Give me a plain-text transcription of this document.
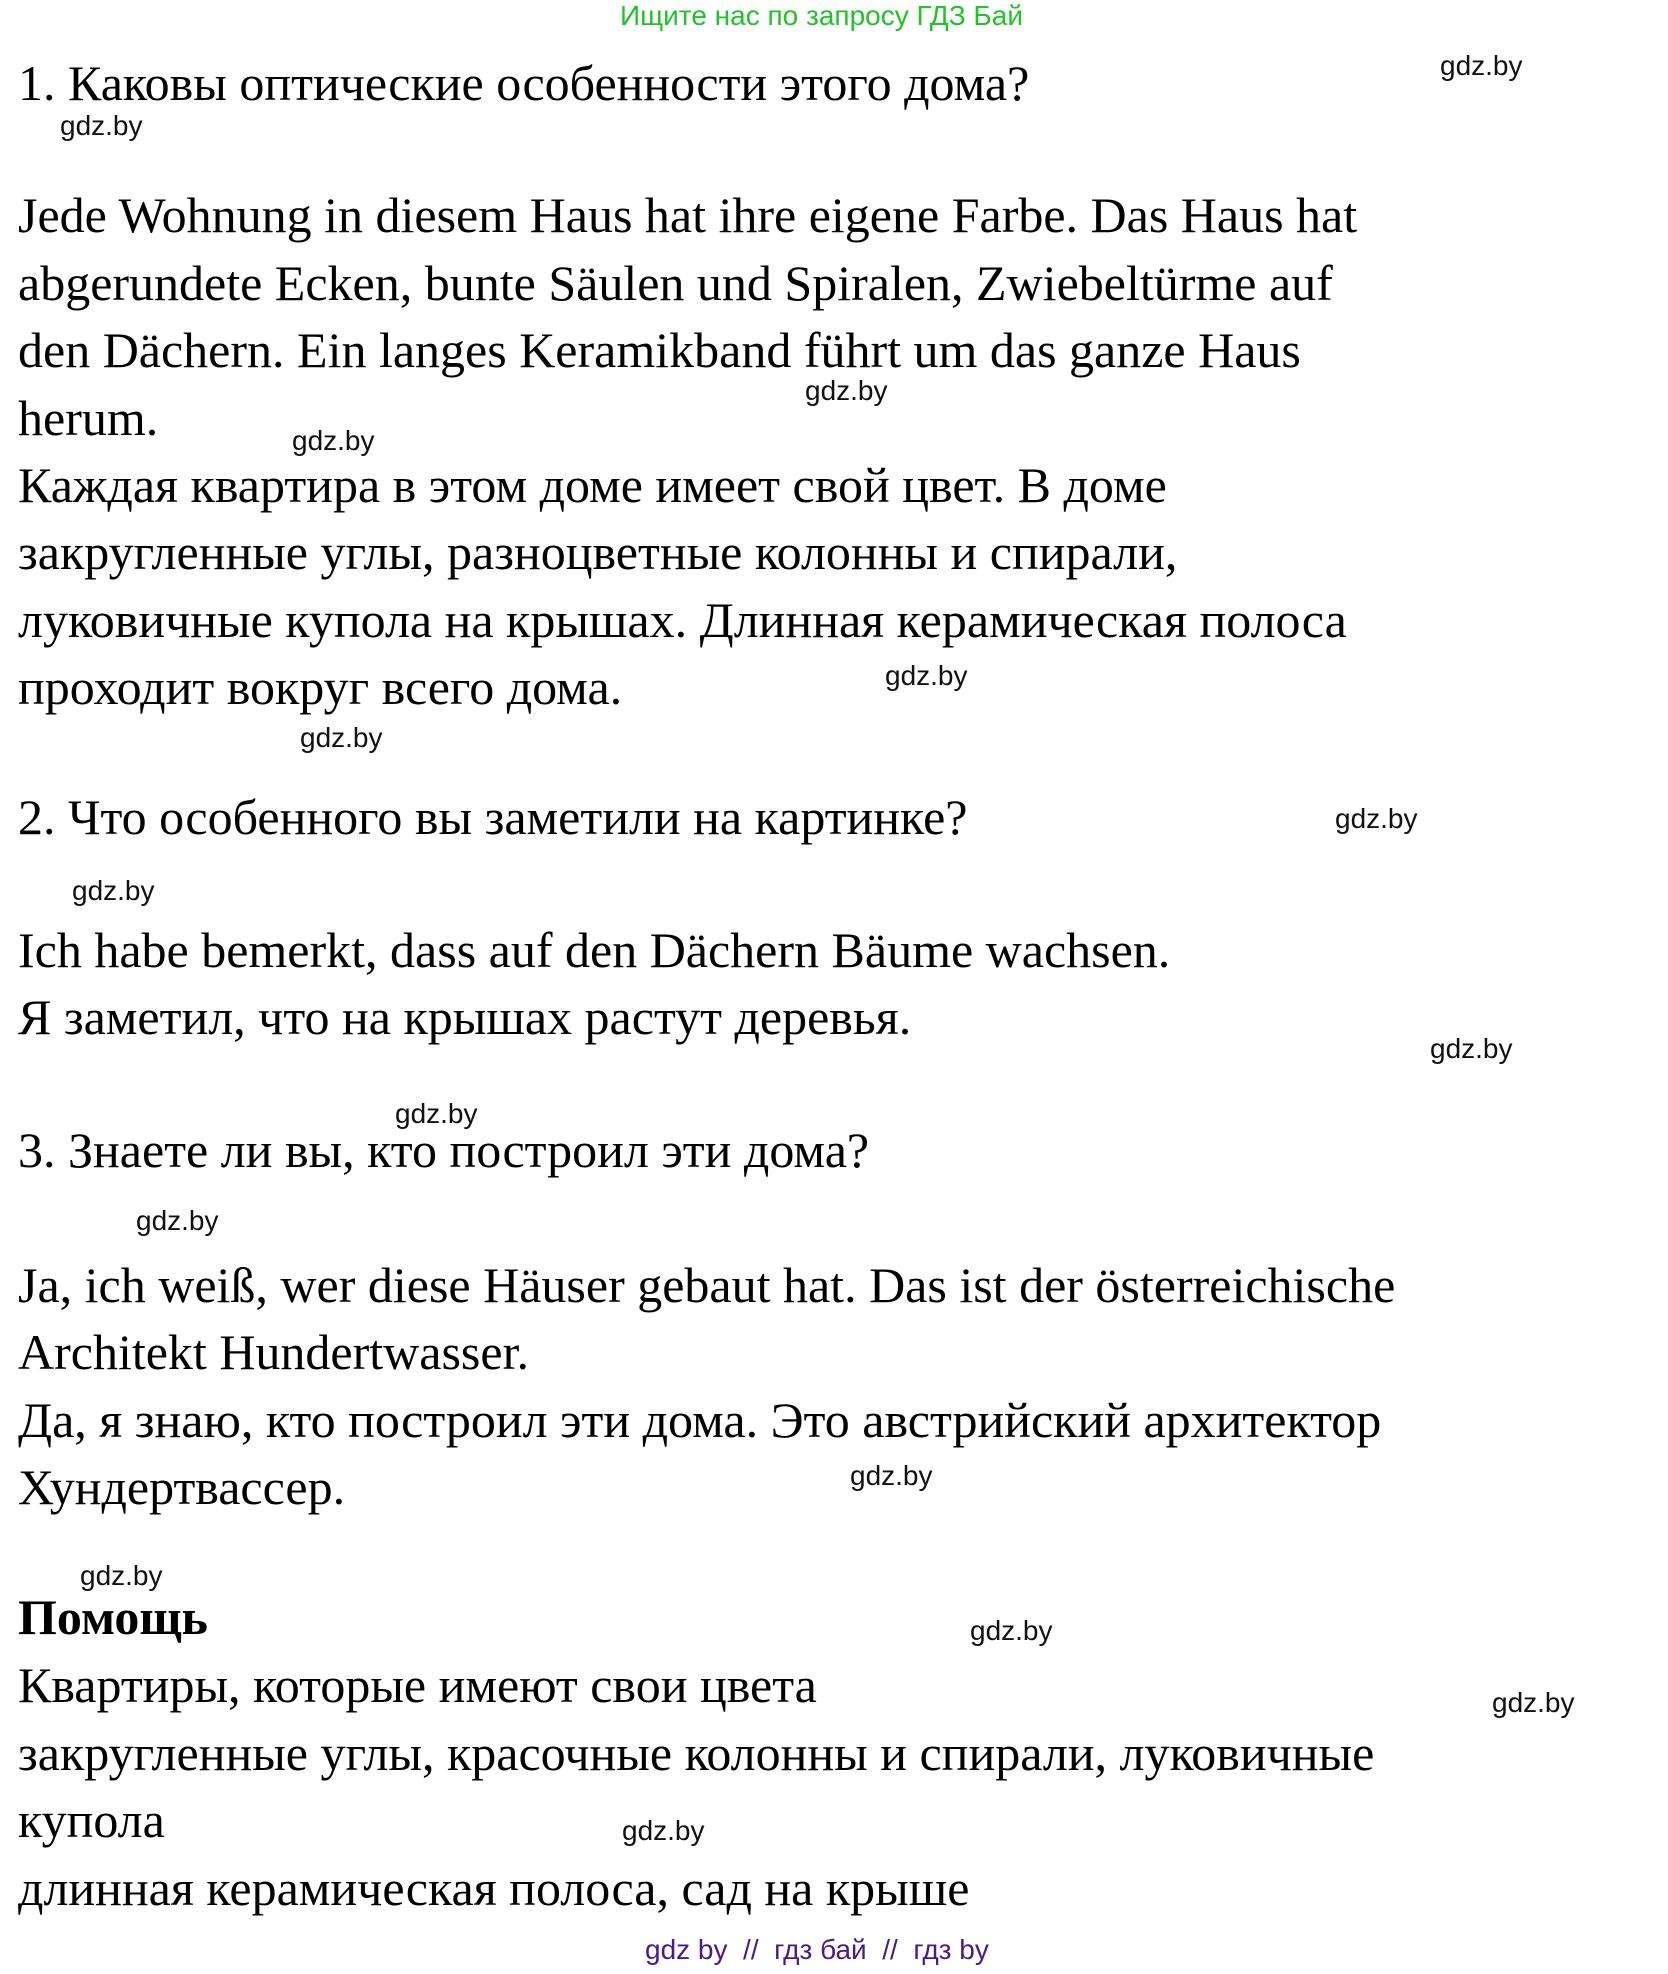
Ищите нас по запросу ГДЗ Бай
1. Каковы оптические особенности этого дома?
Jede Wohnung in diesem Haus hat ihre eigene Farbe. Das Haus hat
abgerundete Ecken, bunte Säulen und Spiralen, Zwiebeltürme auf
den Dächern. Ein langes Keramikband führt um das ganze Haus
herum.
Каждая квартира в этом доме имеет свой цвет. В доме
закругленные углы, разноцветные колонны и спирали,
луковичные купола на крышах. Длинная керамическая полоса
проходит вокруг всего дома.
2. Что особенного вы заметили на картинке?
Ich habe bemerkt, dass auf den Dächern Bäume wachsen.
Я заметил, что на крышах растут деревья.
3. Знаете ли вы, кто построил эти дома?
Ja, ich weiß, wer diese Häuser gebaut hat. Das ist der österreichische
Architekt Hundertwasser.
Да, я знаю, кто построил эти дома. Это австрийский архитектор
Хундертвассер.
Помощь
Квартиры, которые имеют свои цвета
закругленные углы, красочные колонны и спирали, луковичные
купола
длинная керамическая полоса, сад на крыше
gdz.by
gdz.by
gdz.by
gdz.by
gdz.by
gdz.by
gdz.by
gdz.by
gdz.by
gdz.by
gdz.by
gdz.by
gdz.by
gdz.by
gdz.by
gdz.by
gdz by  //  гдз бай  //  гдз by
